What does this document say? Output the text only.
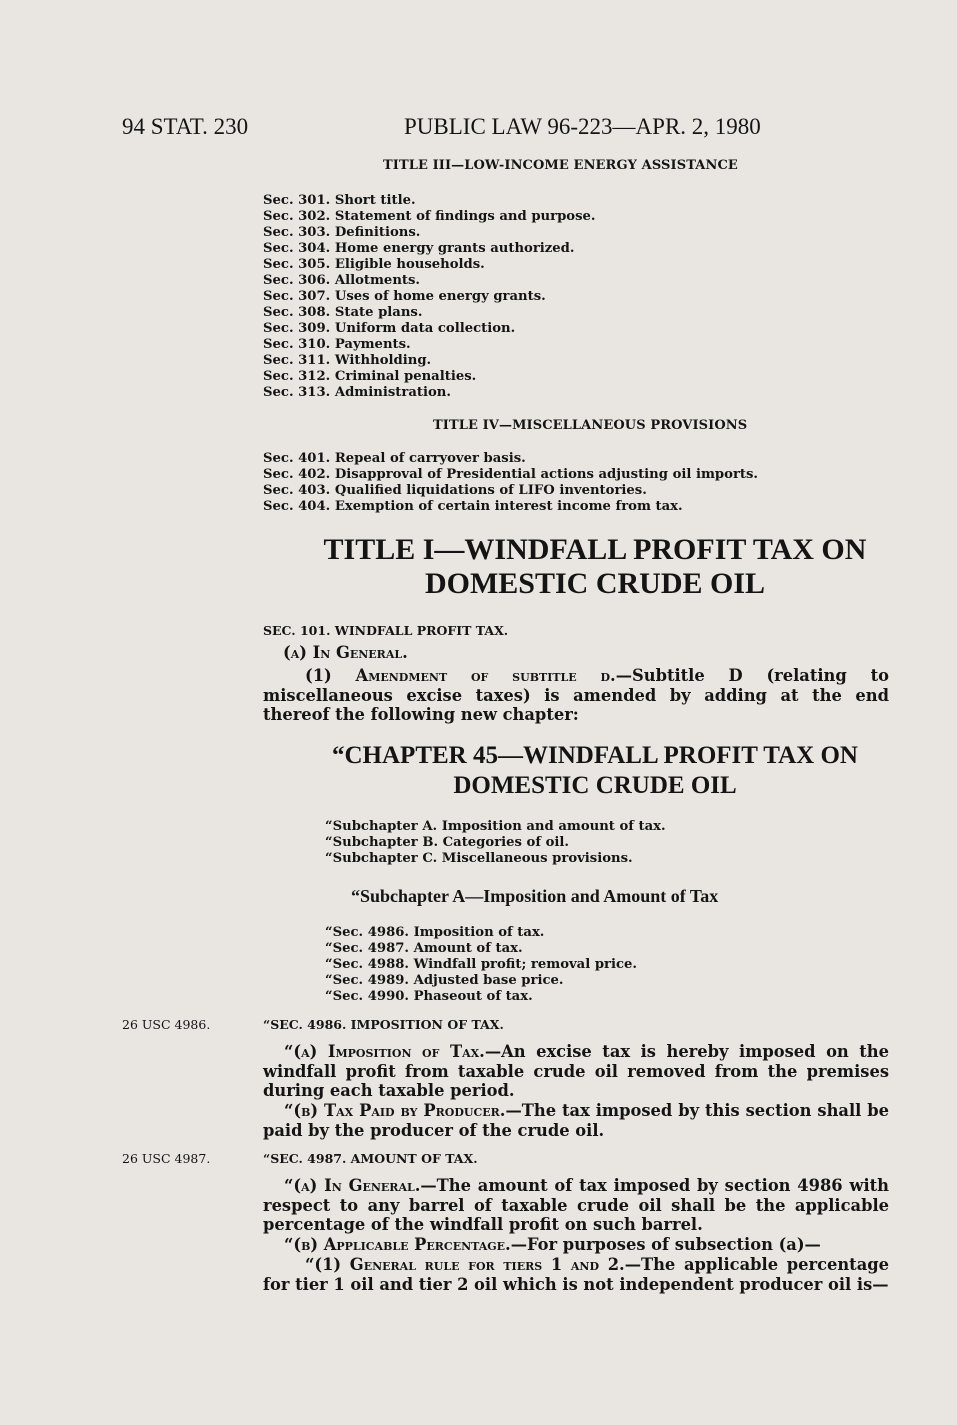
94 STAT. 230	PUBLIC LAW 96-223—APR. 2, 1980
TITLE III—LOW-INCOME ENERGY ASSISTANCE
Sec. 301. Short title.
Sec. 302. Statement of findings and purpose.
Sec. 303. Definitions.
Sec. 304. Home energy grants authorized.
Sec. 305. Eligible households.
Sec. 306. Allotments.
Sec. 307. Uses of home energy grants.
Sec. 308. State plans.
Sec. 309. Uniform data collection.
Sec. 310. Payments.
Sec. 311. Withholding.
Sec. 312. Criminal penalties.
Sec. 313. Administration.
TITLE IV—MISCELLANEOUS PROVISIONS
Sec. 401. Repeal of carryover basis.
Sec. 402. Disapproval of Presidential actions adjusting oil imports.
Sec. 403. Qualified liquidations of LIFO inventories.
Sec. 404. Exemption of certain interest income from tax.
TITLE I—WINDFALL PROFIT TAX ON
DOMESTIC CRUDE OIL
SEC. 101. WINDFALL PROFIT TAX.
(a) In General.
(1) Amendment of subtitle d.—Subtitle D (relating to miscellaneous excise taxes) is amended by adding at the end thereof the following new chapter:
“CHAPTER 45—WINDFALL PROFIT TAX ON
DOMESTIC CRUDE OIL
“Subchapter A. Imposition and amount of tax.
“Subchapter B. Categories of oil.
“Subchapter C. Miscellaneous provisions.
“Subchapter A—Imposition and Amount of Tax
“Sec. 4986. Imposition of tax.
“Sec. 4987. Amount of tax.
“Sec. 4988. Windfall profit; removal price.
“Sec. 4989. Adjusted base price.
“Sec. 4990. Phaseout of tax.
26 USC 4986.	“SEC. 4986. IMPOSITION OF TAX.
“(a) Imposition of Tax.—An excise tax is hereby imposed on the windfall profit from taxable crude oil removed from the premises during each taxable period.
“(b) Tax Paid by Producer.—The tax imposed by this section shall be paid by the producer of the crude oil.
26 USC 4987.	“SEC. 4987. AMOUNT OF TAX.
“(a) In General.—The amount of tax imposed by section 4986 with respect to any barrel of taxable crude oil shall be the applicable percentage of the windfall profit on such barrel.
“(b) Applicable Percentage.—For purposes of subsection (a)—
“(1) General rule for tiers 1 and 2.—The applicable percentage for tier 1 oil and tier 2 oil which is not independent producer oil is—
